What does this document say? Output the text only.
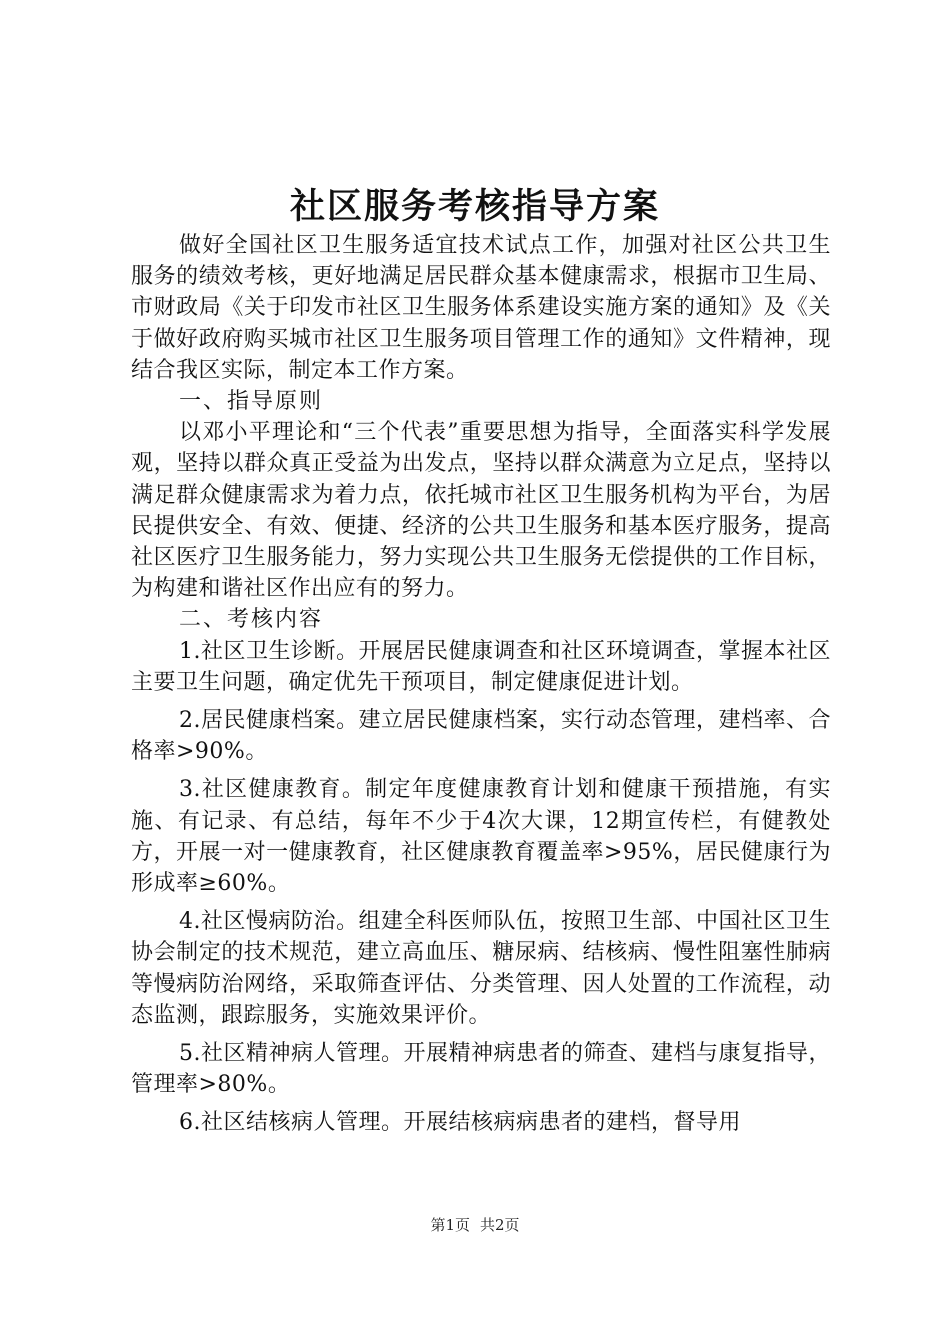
社区服务考核指导方案

做好全国社区卫生服务适宜技术试点工作，加强对社区公共卫生服务的绩效考核，更好地满足居民群众基本健康需求，根据市卫生局、市财政局《关于印发市社区卫生服务体系建设实施方案的通知》及《关于做好政府购买城市社区卫生服务项目管理工作的通知》文件精神，现结合我区实际，制定本工作方案。

一、指导原则

以邓小平理论和“三个代表”重要思想为指导，全面落实科学发展观，坚持以群众真正受益为出发点，坚持以群众满意为立足点，坚持以满足群众健康需求为着力点，依托城市社区卫生服务机构为平台，为居民提供安全、有效、便捷、经济的公共卫生服务和基本医疗服务，提高社区医疗卫生服务能力，努力实现公共卫生服务无偿提供的工作目标，为构建和谐社区作出应有的努力。

二、考核内容

1.社区卫生诊断。开展居民健康调查和社区环境调查，掌握本社区主要卫生问题，确定优先干预项目，制定健康促进计划。

2.居民健康档案。建立居民健康档案，实行动态管理，建档率、合格率>90%。

3.社区健康教育。制定年度健康教育计划和健康干预措施，有实施、有记录、有总结，每年不少于4次大课，12期宣传栏，有健教处方，开展一对一健康教育，社区健康教育覆盖率>95%，居民健康行为形成率≥60%。

4.社区慢病防治。组建全科医师队伍，按照卫生部、中国社区卫生协会制定的技术规范，建立高血压、糖尿病、结核病、慢性阻塞性肺病等慢病防治网络，采取筛查评估、分类管理、因人处置的工作流程，动态监测，跟踪服务，实施效果评价。

5.社区精神病人管理。开展精神病患者的筛查、建档与康复指导，管理率>80%。

6.社区结核病人管理。开展结核病病患者的建档，督导用

第1页 共2页
